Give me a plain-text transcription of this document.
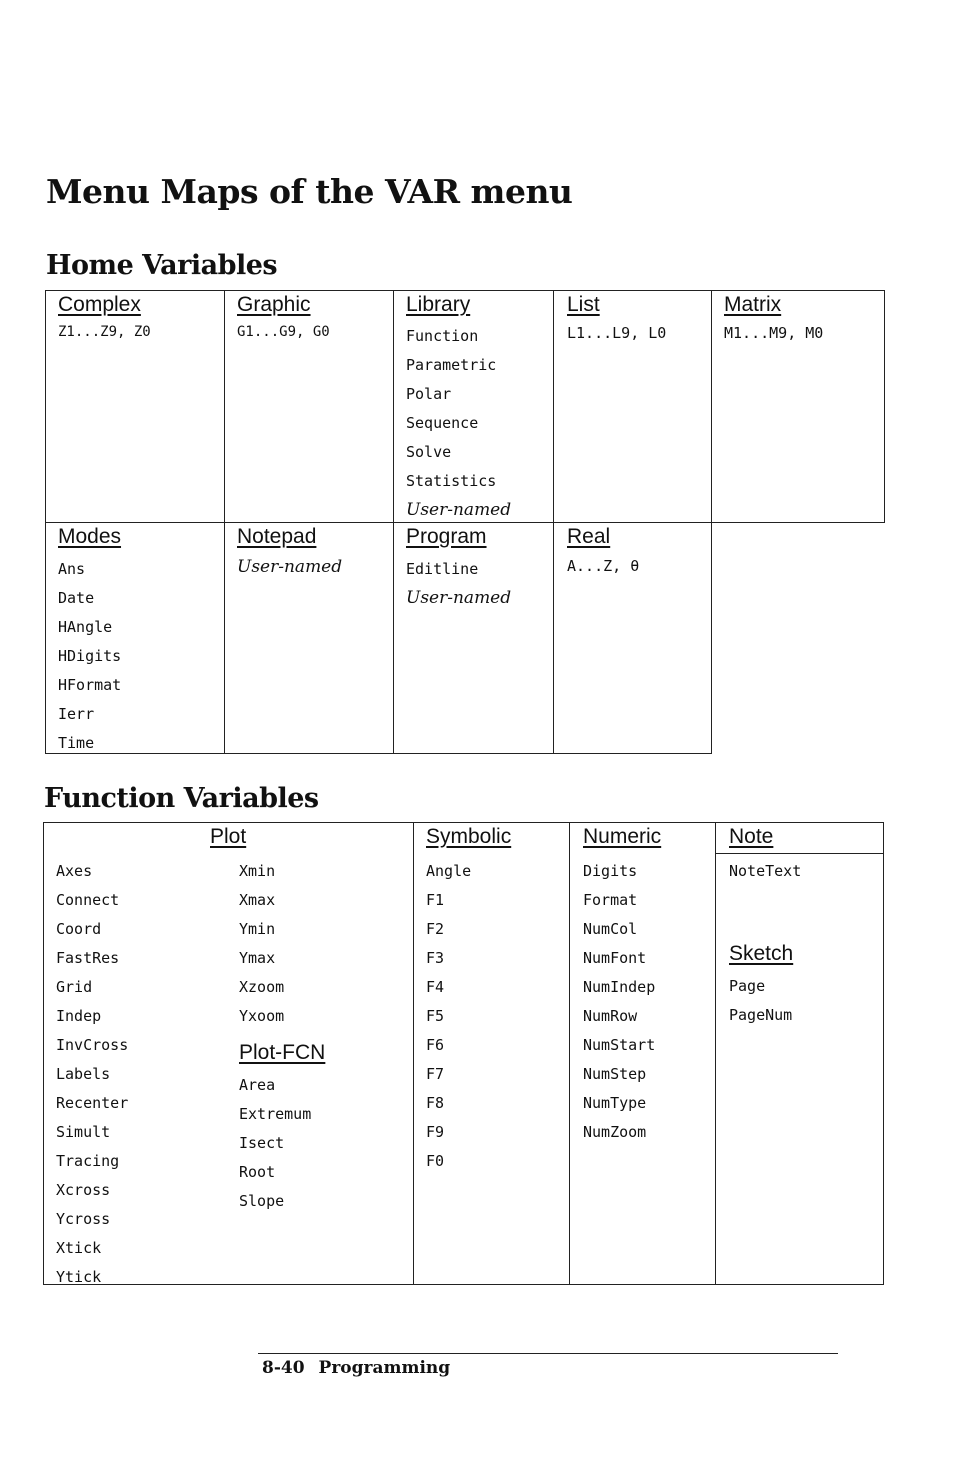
Menu Maps of the VAR menu
Home Variables
Complex
Z1...Z9, Z0
Graphic
G1...G9, G0
Library
Function
Parametric
Polar
Sequence
Solve
Statistics
User-named
List
L1...L9, L0
Matrix
M1...M9, M0
Modes
Ans
Date
HAngle
HDigits
HFormat
Ierr
Time
Notepad
User-named
Program
Editline
User-named
Real
A...Z, θ
Function Variables
Plot
Axes
Connect
Coord
FastRes
Grid
Indep
InvCross
Labels
Recenter
Simult
Tracing
Xcross
Ycross
Xtick
Ytick
Xmin
Xmax
Ymin
Ymax
Xzoom
Yxoom
Plot-FCN
Area
Extremum
Isect
Root
Slope
Symbolic
Angle
F1
F2
F3
F4
F5
F6
F7
F8
F9
F0
Numeric
Digits
Format
NumCol
NumFont
NumIndep
NumRow
NumStart
NumStep
NumType
NumZoom
Note
NoteText
Sketch
Page
PageNum
8-40 Programming
